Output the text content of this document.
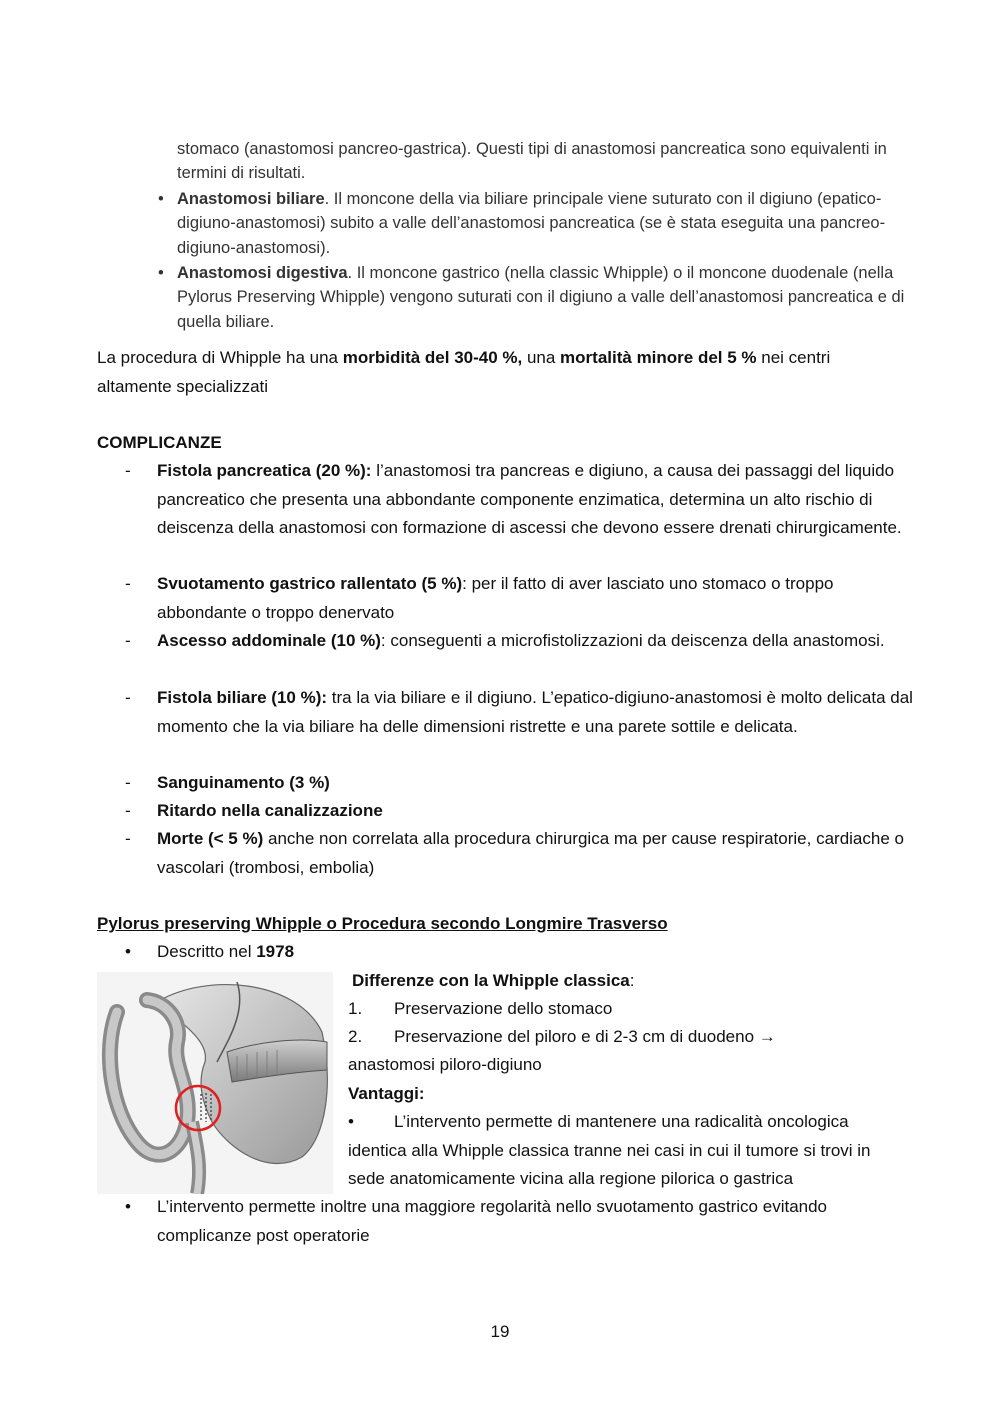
stomaco (anastomosi pancreo-gastrica). Questi tipi di anastomosi pancreatica sono equivalenti in termini di risultati.

• Anastomosi biliare. Il moncone della via biliare principale viene suturato con il digiuno (epatico-digiuno-anastomosi) subito a valle dell’anastomosi pancreatica (se è stata eseguita una pancreo-digiuno-anastomosi).

• Anastomosi digestiva. Il moncone gastrico (nella classic Whipple) o il moncone duodenale (nella Pylorus Preserving Whipple) vengono suturati con il digiuno a valle dell’anastomosi pancreatica e di quella biliare.

La procedura di Whipple ha una morbidità del 30-40 %, una mortalità minore del 5 % nei centri altamente specializzati

COMPLICANZE

- Fistola pancreatica (20 %): l’anastomosi tra pancreas e digiuno, a causa dei passaggi del liquido pancreatico che presenta una abbondante componente enzimatica, determina un alto rischio di deiscenza della anastomosi con formazione di ascessi che devono essere drenati chirurgicamente.

- Svuotamento gastrico rallentato (5 %): per il fatto di aver lasciato uno stomaco o troppo abbondante o troppo denervato

- Ascesso addominale (10 %): conseguenti a microfistolizzazioni da deiscenza della anastomosi.

- Fistola biliare (10 %): tra la via biliare e il digiuno. L’epatico-digiuno-anastomosi è molto delicata dal momento che la via biliare ha delle dimensioni ristrette e una parete sottile e delicata.

- Sanguinamento (3 %)

- Ritardo nella canalizzazione

- Morte (< 5 %) anche non correlata alla procedura chirurgica ma per cause respiratorie, cardiache o vascolari (trombosi, embolia)

Pylorus preserving Whipple o Procedura secondo Longmire Trasverso

• Descritto nel 1978

Differenze con la Whipple classica:

1. Preservazione dello stomaco

2. Preservazione del piloro e di 2-3 cm di duodeno →

anastomosi piloro-digiuno

Vantaggi:

•	L’intervento permette di mantenere una radicalità oncologica identica alla Whipple classica tranne nei casi in cui il tumore si trovi in sede anatomicamente vicina alla regione pilorica o gastrica

• L’intervento permette inoltre una maggiore regolarità nello svuotamento gastrico evitando complicanze post operatorie

19
